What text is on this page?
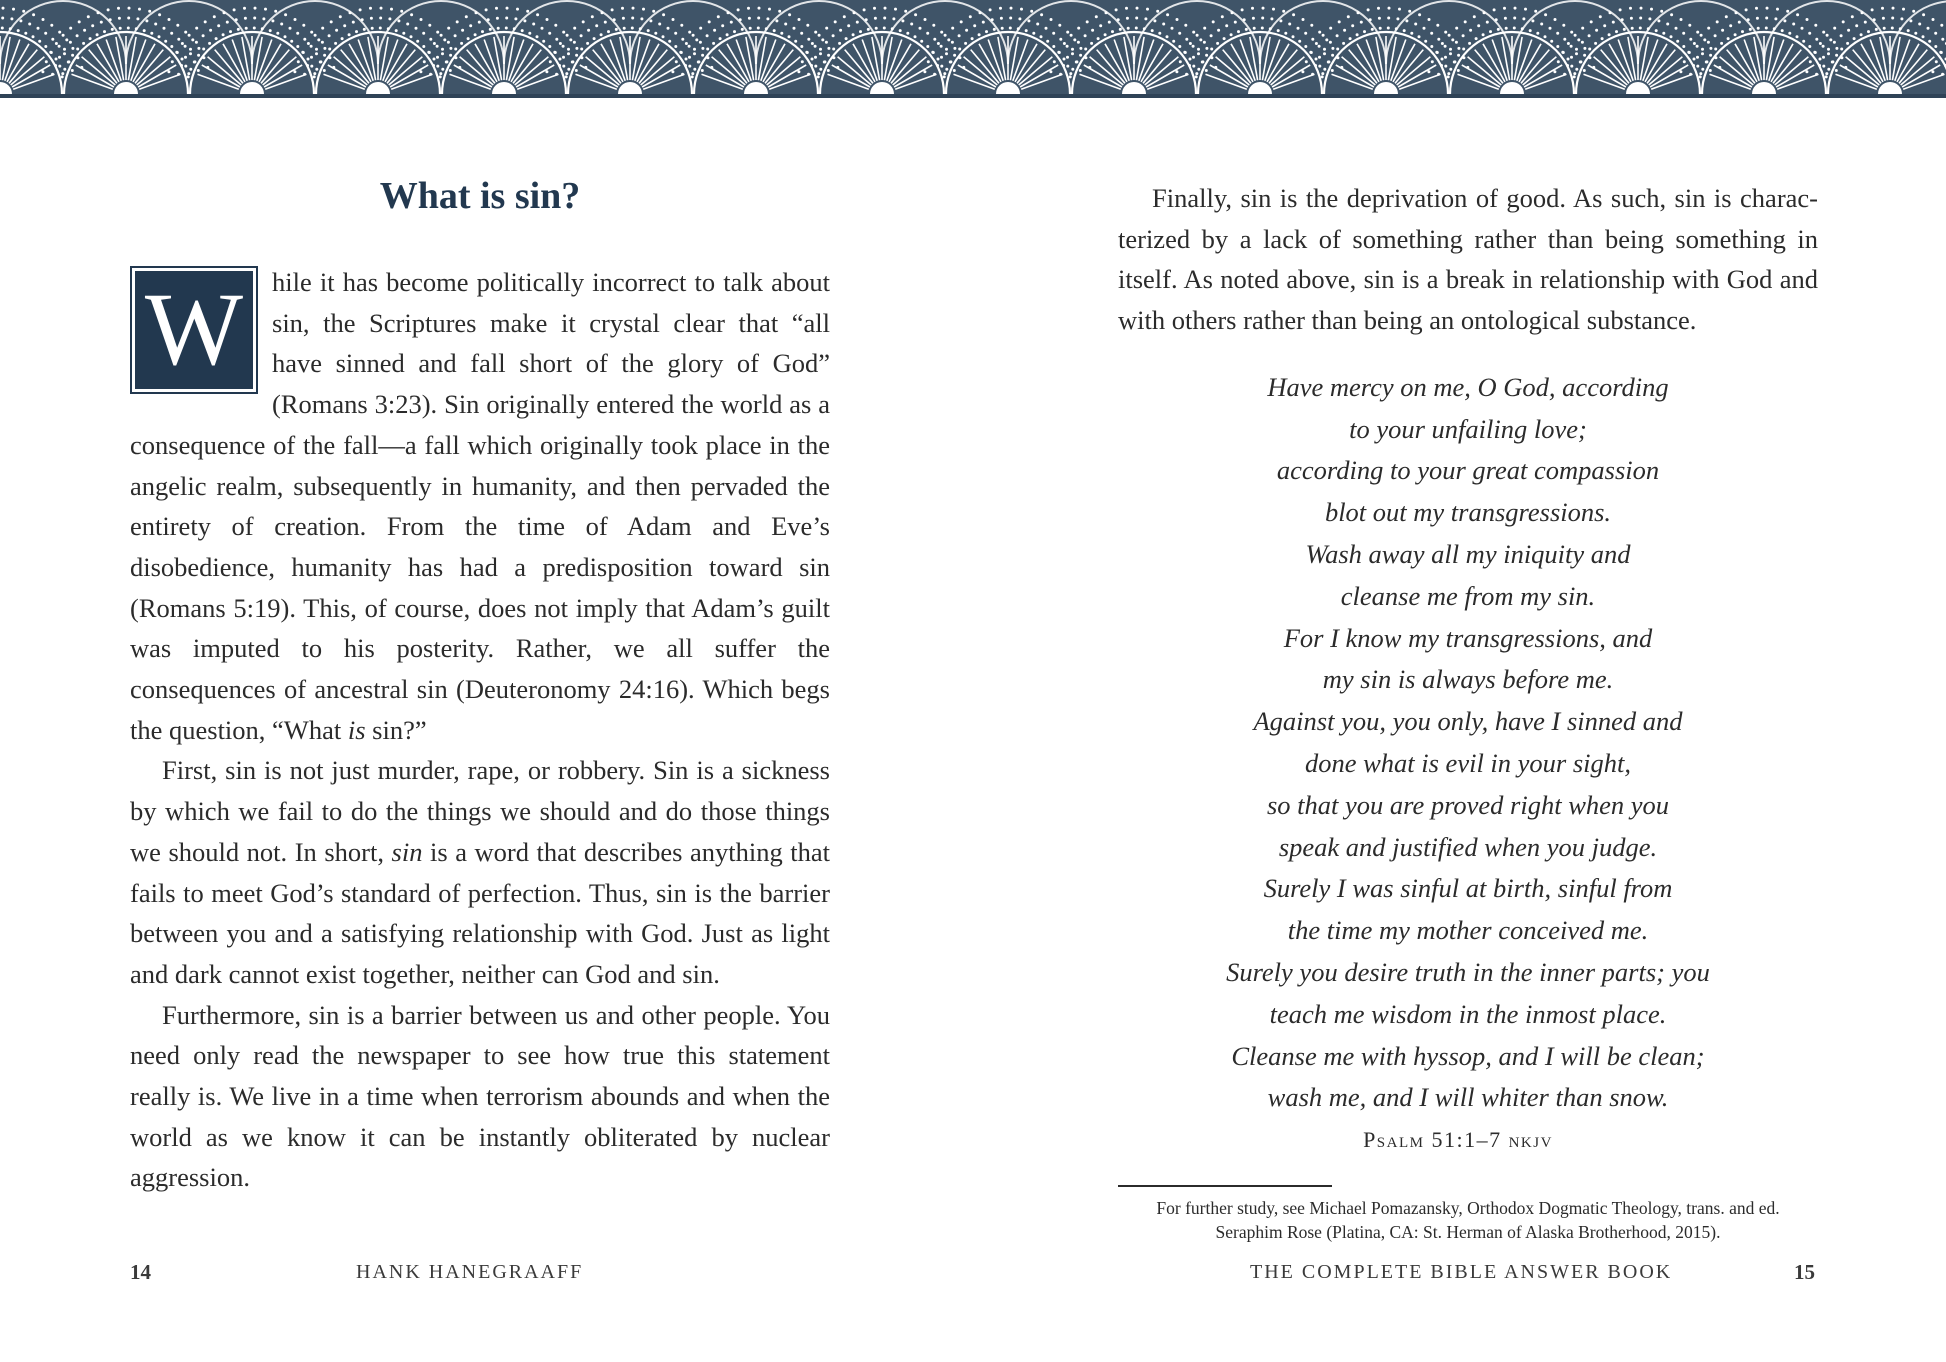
What is sin?

W	hile it has become politically incorrect to talk about sin, the Scriptures make it crystal clear that “all have sinned and fall short of the glory of God” (Romans 3:23). Sin originally entered the world as a consequence of the fall—a fall which originally took place in the angelic realm, subsequently in humanity, and then pervaded the entirety of creation. From the time of Adam and Eve’s disobedience, humanity has had a predisposition toward sin (Romans 5:19). This, of course, does not imply that Adam’s guilt was imputed to his posterity. Rather, we all suffer the consequences of ancestral sin (Deuteronomy 24:16). Which begs the question, “What is sin?”

First, sin is not just murder, rape, or robbery. Sin is a sickness by which we fail to do the things we should and do those things we should not. In short, sin is a word that describes anything that fails to meet God’s standard of perfection. Thus, sin is the barrier between you and a satisfying relationship with God. Just as light and dark cannot exist together, neither can God and sin.

Furthermore, sin is a barrier between us and other people. You need only read the newspaper to see how true this statement really is. We live in a time when terrorism abounds and when the world as we know it can be instantly obliterated by nuclear aggression.

Finally, sin is the deprivation of good. As such, sin is characterized by a lack of something rather than being something in itself. As noted above, sin is a break in relationship with God and with others rather than being an ontological substance.

Have mercy on me, O God, according
to your unfailing love;
according to your great compassion
blot out my transgressions.
Wash away all my iniquity and
cleanse me from my sin.
For I know my transgressions, and
my sin is always before me.
Against you, you only, have I sinned and
done what is evil in your sight,
so that you are proved right when you
speak and justified when you judge.
Surely I was sinful at birth, sinful from
the time my mother conceived me.
Surely you desire truth in the inner parts; you
teach me wisdom in the inmost place.
Cleanse me with hyssop, and I will be clean;
wash me, and I will whiter than snow.
Psalm 51:1–7 nkjv
For further study, see Michael Pomazansky, Orthodox Dogmatic Theology, trans. and ed.
Seraphim Rose (Platina, CA: St. Herman of Alaska Brotherhood, 2015).
14	HANK HANEGRAAFF	THE COMPLETE BIBLE ANSWER BOOK	15
